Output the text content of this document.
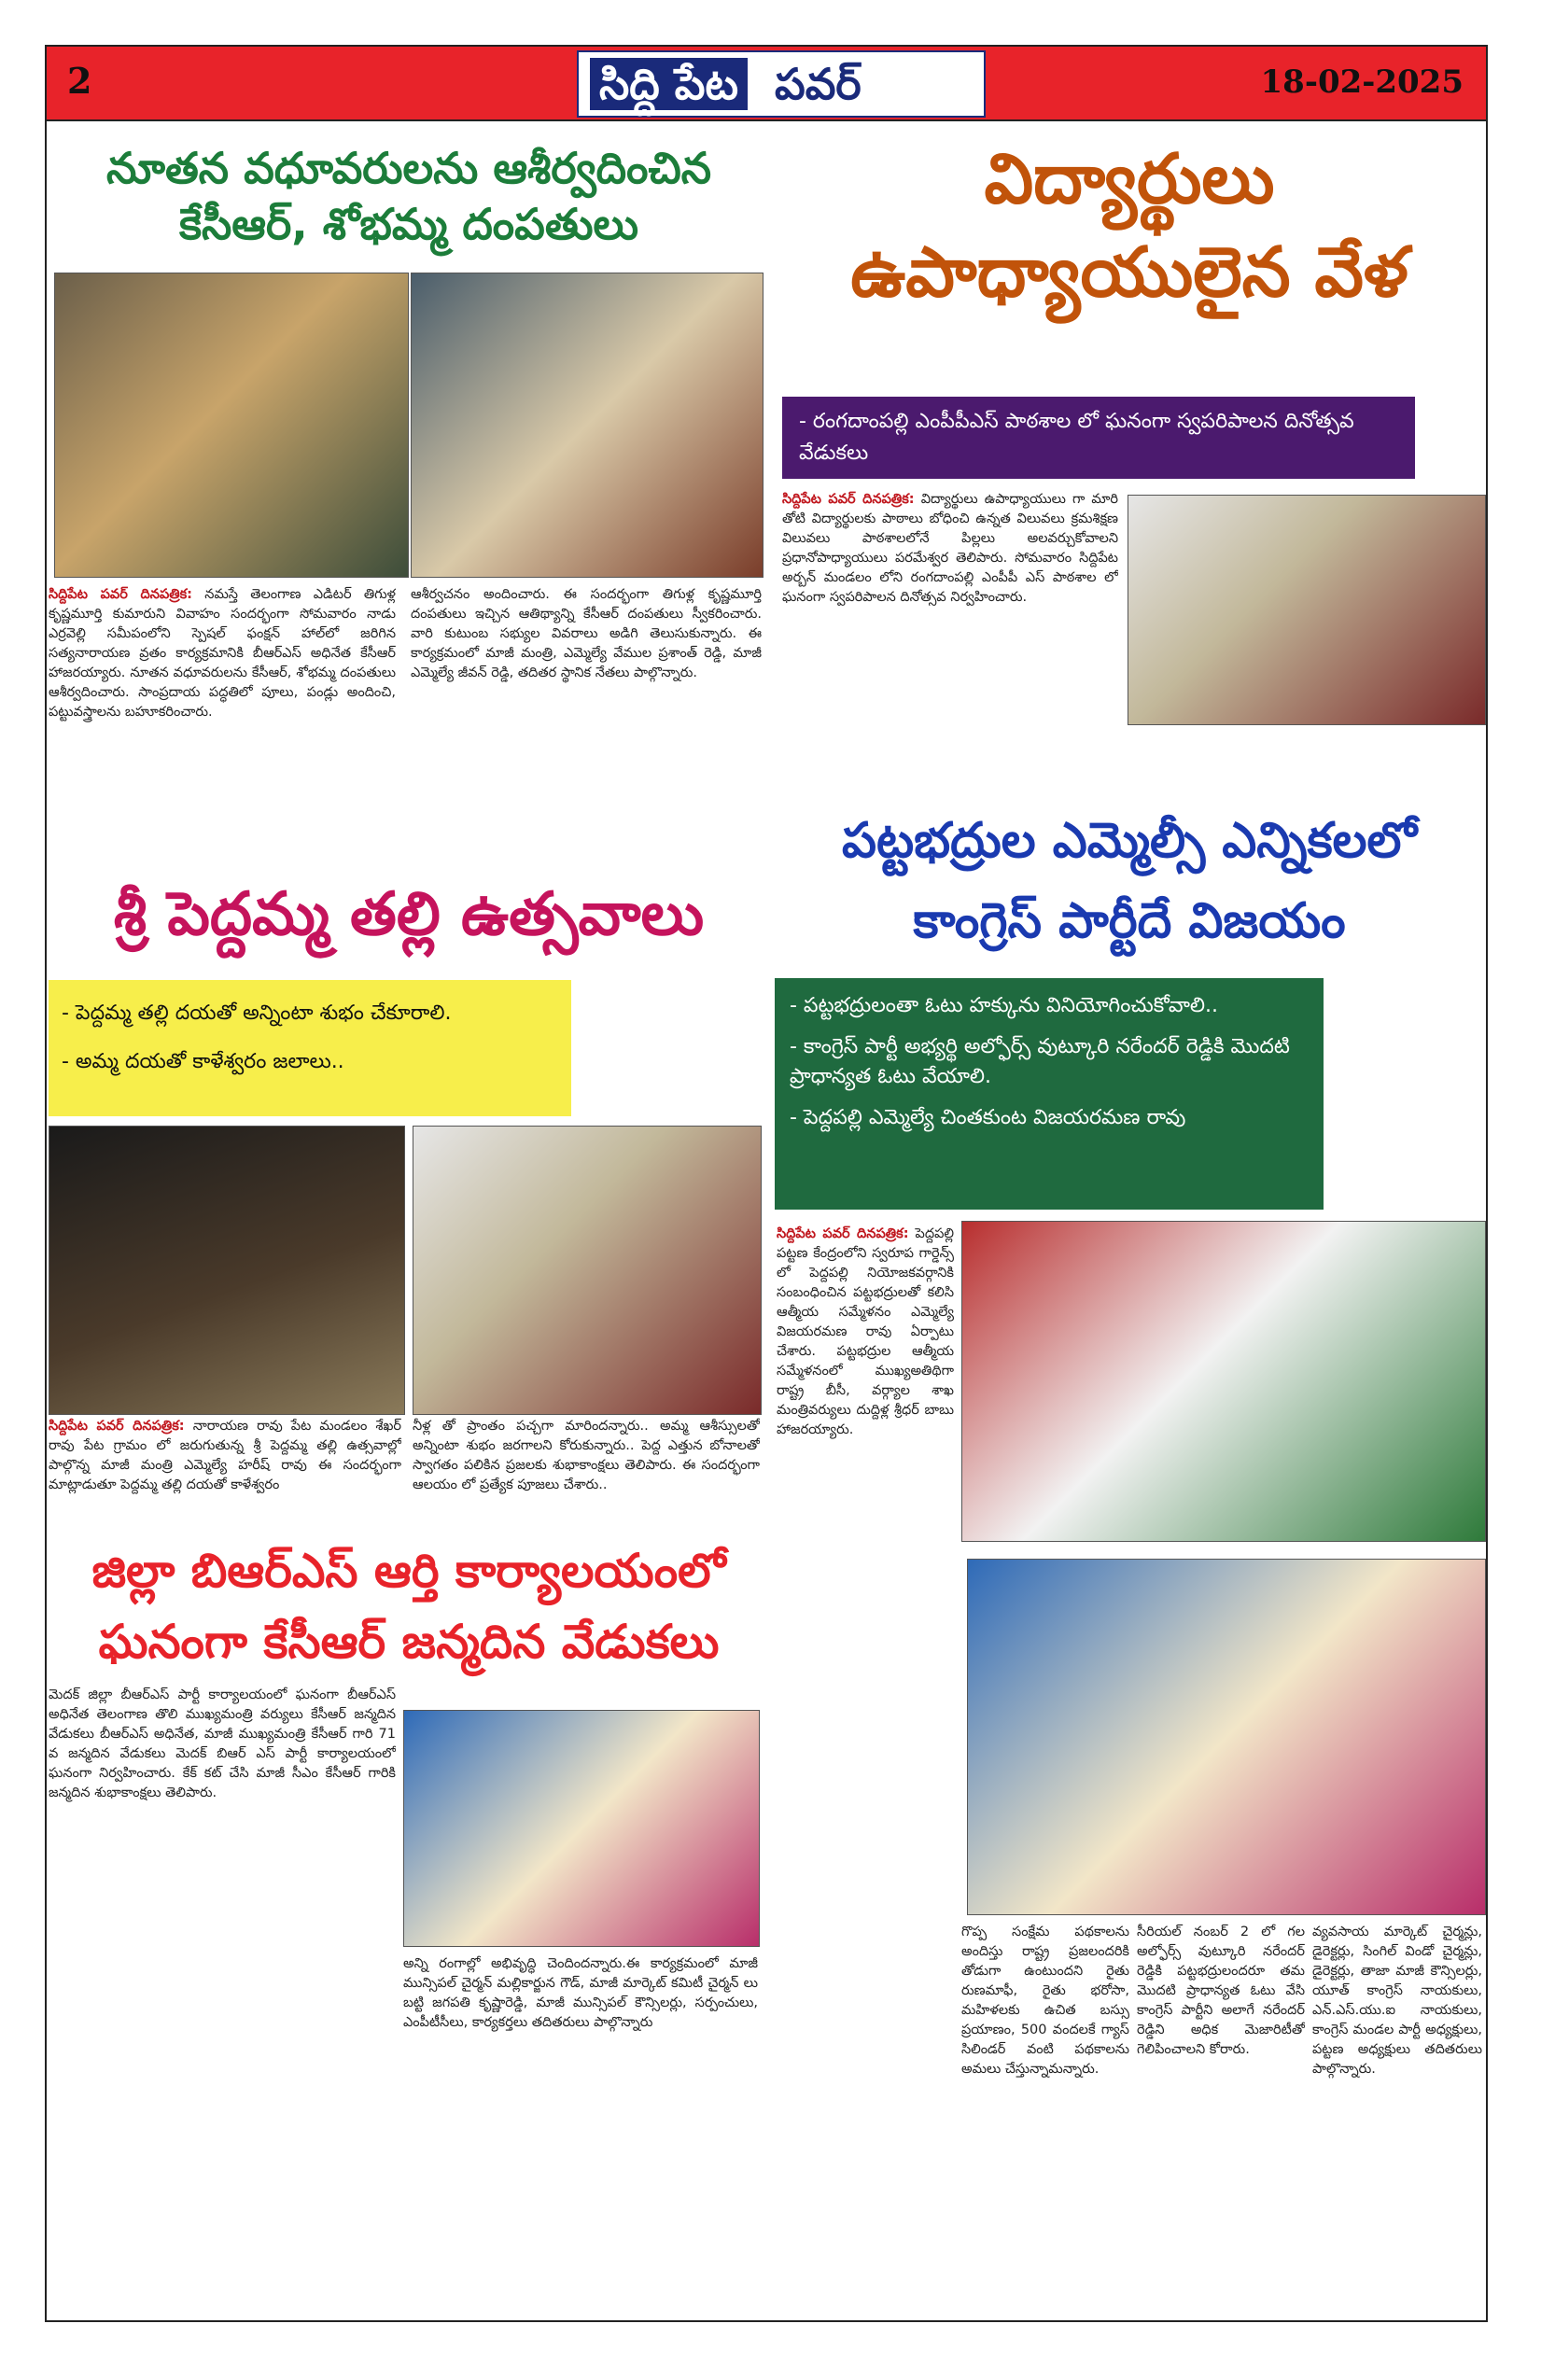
2	సిద్ది పేట పవర్	18-02-2025
నూతన వధూవరులను ఆశీర్వదించిన
కేసీఆర్, శోభమ్మ దంపతులు
సిద్దిపేట పవర్ దినపత్రిక: నమస్తే తెలంగాణ ఎడిటర్ తిగుళ్ల కృష్ణమూర్తి కుమారుని వివాహం సందర్భంగా సోమవారం నాడు ఎర్రవెల్లి సమీపంలోని స్పెషల్ ఫంక్షన్ హాల్‌లో జరిగిన సత్యనారాయణ వ్రతం కార్యక్రమానికి బీఆర్ఎస్ అధినేత కేసీఆర్ హాజరయ్యారు. నూతన వధూవరులను కేసీఆర్, శోభమ్మ దంపతులు ఆశీర్వదించారు. సాంప్రదాయ పద్ధతిలో పూలు, పండ్లు అందించి, పట్టువస్త్రాలను బహూకరించారు.
ఆశీర్వచనం అందించారు. ఈ సందర్భంగా తిగుళ్ల కృష్ణమూర్తి దంపతులు ఇచ్చిన ఆతిథ్యాన్ని కేసీఆర్ దంపతులు స్వీకరించారు. వారి కుటుంబ సభ్యుల వివరాలు అడిగి తెలుసుకున్నారు. ఈ కార్యక్రమంలో మాజీ మంత్రి, ఎమ్మెల్యే వేముల ప్రశాంత్ రెడ్డి, మాజీ ఎమ్మెల్యే జీవన్ రెడ్డి, తదితర స్థానిక నేతలు పాల్గొన్నారు.
విద్యార్థులు
ఉపాధ్యాయులైన వేళ
- రంగదాంపల్లి ఎంపీపీఎస్ పాఠశాల లో ఘనంగా స్వపరిపాలన దినోత్సవ వేడుకలు
సిద్దిపేట పవర్ దినపత్రిక: విద్యార్థులు ఉపాధ్యాయులు గా మారి తోటి విద్యార్థులకు పాఠాలు బోధించి ఉన్నత విలువలు క్రమశిక్షణ విలువలు పాఠశాలలోనే పిల్లలు అలవర్చుకోవాలని ప్రధానోపాధ్యాయులు పరమేశ్వర తెలిపారు. సోమవారం సిద్దిపేట అర్బన్ మండలం లోని రంగదాంపల్లి ఎంపీపీ ఎస్ పాఠశాల లో ఘనంగా స్వపరిపాలన దినోత్సవ నిర్వహించారు.
శ్రీ పెద్దమ్మ తల్లి ఉత్సవాలు
- పెద్దమ్మ తల్లి దయతో అన్నింటా శుభం చేకూరాలి.
- అమ్మ దయతో కాళేశ్వరం జలాలు..
సిద్దిపేట పవర్ దినపత్రిక: నారాయణ రావు పేట మండలం శేఖర్ రావు పేట గ్రామం లో జరుగుతున్న శ్రీ పెద్దమ్మ తల్లి ఉత్సవాల్లో పాల్గొన్న మాజీ మంత్రి ఎమ్మెల్యే హరీష్ రావు ఈ సందర్భంగా మాట్లాడుతూ పెద్దమ్మ తల్లి దయతో కాళేశ్వరం
నీళ్ల తో ప్రాంతం పచ్చగా మారిందన్నారు.. అమ్మ ఆశీస్సులతో అన్నింటా శుభం జరగాలని కోరుకున్నారు.. పెద్ద ఎత్తున బోనాలతో స్వాగతం పలికిన ప్రజలకు శుభాకాంక్షలు తెలిపారు. ఈ సందర్భంగా ఆలయం లో ప్రత్యేక పూజలు చేశారు..
పట్టభద్రుల ఎమ్మెల్సీ ఎన్నికలలో
కాంగ్రెస్ పార్టీదే విజయం
- పట్టభద్రులంతా ఓటు హక్కును వినియోగించుకోవాలి..
- కాంగ్రెస్ పార్టీ అభ్యర్థి అల్ఫోర్స్ వుట్కూరి నరేందర్ రెడ్డికి మొదటి ప్రాధాన్యత ఓటు వేయాలి.
- పెద్దపల్లి ఎమ్మెల్యే చింతకుంట విజయరమణ రావు
సిద్దిపేట పవర్ దినపత్రిక: పెద్దపల్లి పట్టణ కేంద్రంలోని స్వరూప గార్డెన్స్ లో పెద్దపల్లి నియోజకవర్గానికి సంబంధించిన పట్టభద్రులతో కలిసి ఆత్మీయ సమ్మేళనం ఎమ్మెల్యే విజయరమణ రావు ఏర్పాటు చేశారు. పట్టభద్రుల ఆత్మీయ సమ్మేళనంలో ముఖ్యఅతిథిగా రాష్ట్ర బీసీ, వర్గ్యాల శాఖ మంత్రివర్యులు దుద్దిళ్ల శ్రీధర్ బాబు హాజరయ్యారు.
గొప్ప సంక్షేమ పథకాలను అందిస్తు రాష్ట్ర ప్రజలందరికి తోడుగా ఉంటుందని రైతు రుణమాఫీ, రైతు భరోసా, మహిళలకు ఉచిత బస్సు ప్రయాణం, 500 వందలకే గ్యాస్ సిలిండర్ వంటి పథకాలను అమలు చేస్తున్నామన్నారు.
సీరియల్ నంబర్ 2 లో గల అల్ఫోర్స్ వుట్కూరి నరేందర్ రెడ్డికి పట్టభద్రులందరూ తమ మొదటి ప్రాధాన్యత ఓటు వేసి కాంగ్రెస్ పార్టీని అలాగే నరేందర్ రెడ్డిని అధిక మెజారిటీతో గెలిపించాలని కోరారు.
వ్యవసాయ మార్కెట్ చైర్మన్లు, డైరెక్టర్లు, సింగిల్ విండో చైర్మన్లు, డైరెక్టర్లు, తాజా మాజీ కౌన్సిలర్లు, యూత్ కాంగ్రెస్ నాయకులు, ఎన్.ఎస్.యు.ఐ నాయకులు, కాంగ్రెస్ మండల పార్టీ అధ్యక్షులు, పట్టణ అధ్యక్షులు తదితరులు పాల్గొన్నారు.
జిల్లా బిఆర్ఎస్ ఆర్తి కార్యాలయంలో
ఘనంగా కేసీఆర్ జన్మదిన వేడుకలు
మెదక్ జిల్లా బీఆర్ఎస్ పార్టీ కార్యాలయంలో ఘనంగా బీఆర్ఎస్ అధినేత తెలంగాణ తొలి ముఖ్యమంత్రి వర్యులు కేసీఆర్ జన్మదిన వేడుకలు బీఆర్ఎస్ అధినేత, మాజీ ముఖ్యమంత్రి కేసీఆర్ గారి 71 వ జన్మదిన వేడుకలు మెదక్ బిఆర్ ఎస్ పార్టీ కార్యాలయంలో ఘనంగా నిర్వహించారు. కేక్ కట్ చేసి మాజీ సీఎం కేసీఆర్ గారికి జన్మదిన శుభాకాంక్షలు తెలిపారు.
అన్ని రంగాల్లో అభివృద్ధి చెందిందన్నారు.ఈ కార్యక్రమంలో మాజీ మున్సిపల్ చైర్మన్ మల్లికార్జున గౌడ్, మాజీ మార్కెట్ కమిటీ చైర్మన్ లు బట్టి జగపతి కృష్ణారెడ్డి, మాజీ మున్సిపల్ కౌన్సిలర్లు, సర్పంచులు, ఎంపీటీసీలు, కార్యకర్తలు తదితరులు పాల్గొన్నారు
